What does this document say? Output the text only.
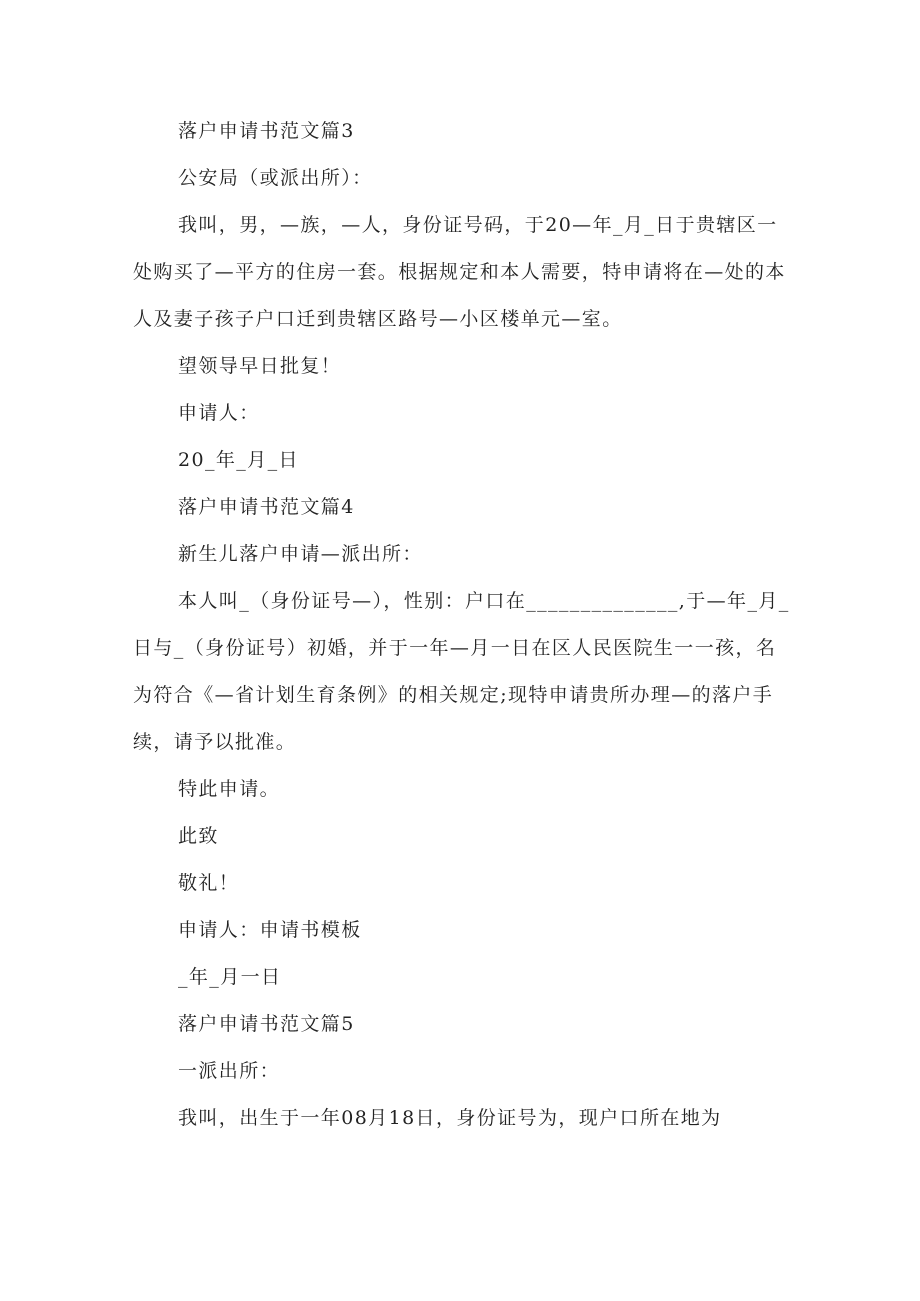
落户申请书范文篇3

公安局（或派出所）：

我叫，男，—族，—人，身份证号码，于20—年_月_日于贵辖区一处购买了—平方的住房一套。根据规定和本人需要，特申请将在—处的本人及妻子孩子户口迁到贵辖区路号—小区楼单元—室。

望领导早日批复！

申请人：

20_年_月_日

落户申请书范文篇4

新生儿落户申请—派出所：

本人叫_（身份证号—），性别：户口在______________,于—年_月_日与_（身份证号）初婚，并于一年—月一日在区人民医院生一一孩，名为符合《—省计划生育条例》的相关规定;现特申请贵所办理—的落户手续，请予以批准。

特此申请。

此致

敬礼！

申请人：申请书模板

_年_月一日

落户申请书范文篇5

一派出所：

我叫，出生于一年08月18日，身份证号为，现户口所在地为
